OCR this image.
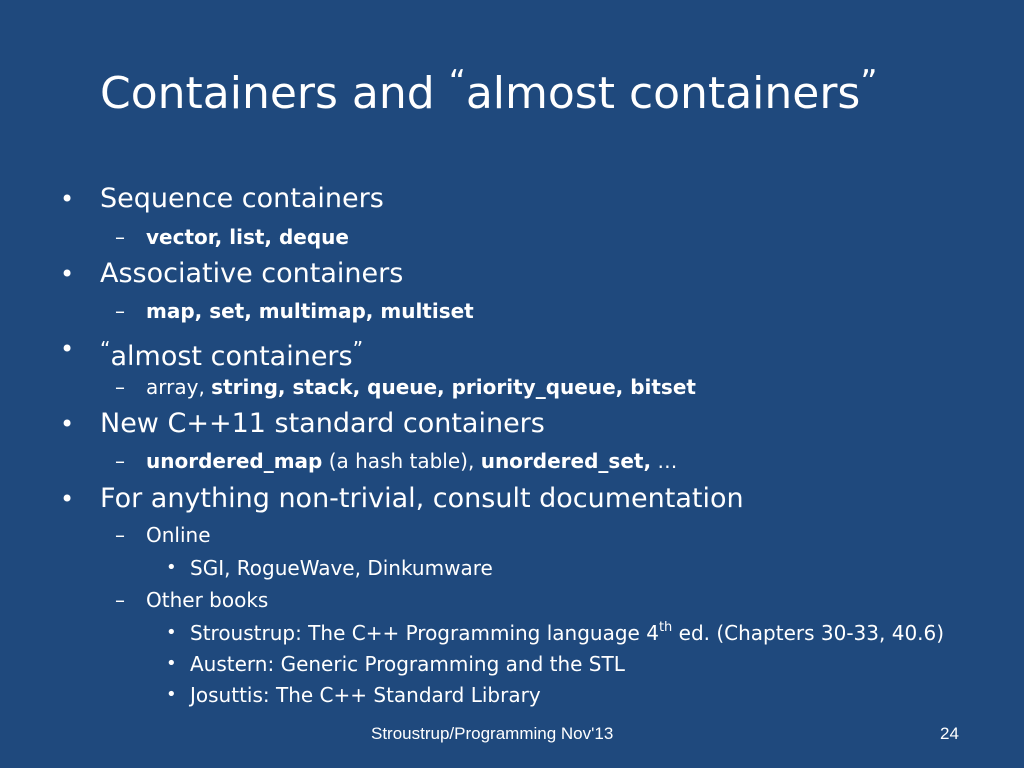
Containers and “almost containers”
• Sequence containers
– vector, list, deque
• Associative containers
– map, set, multimap, multiset
• “almost containers”
– array, string, stack, queue, priority_queue, bitset
• New C++11 standard containers
– unordered_map (a hash table), unordered_set, …
• For anything non-trivial, consult documentation
– Online
• SGI, RogueWave, Dinkumware
– Other books
• Stroustrup: The C++ Programming language 4th ed. (Chapters 30-33, 40.6)
• Austern: Generic Programming and the STL
• Josuttis: The C++ Standard Library
Stroustrup/Programming Nov'13	24
